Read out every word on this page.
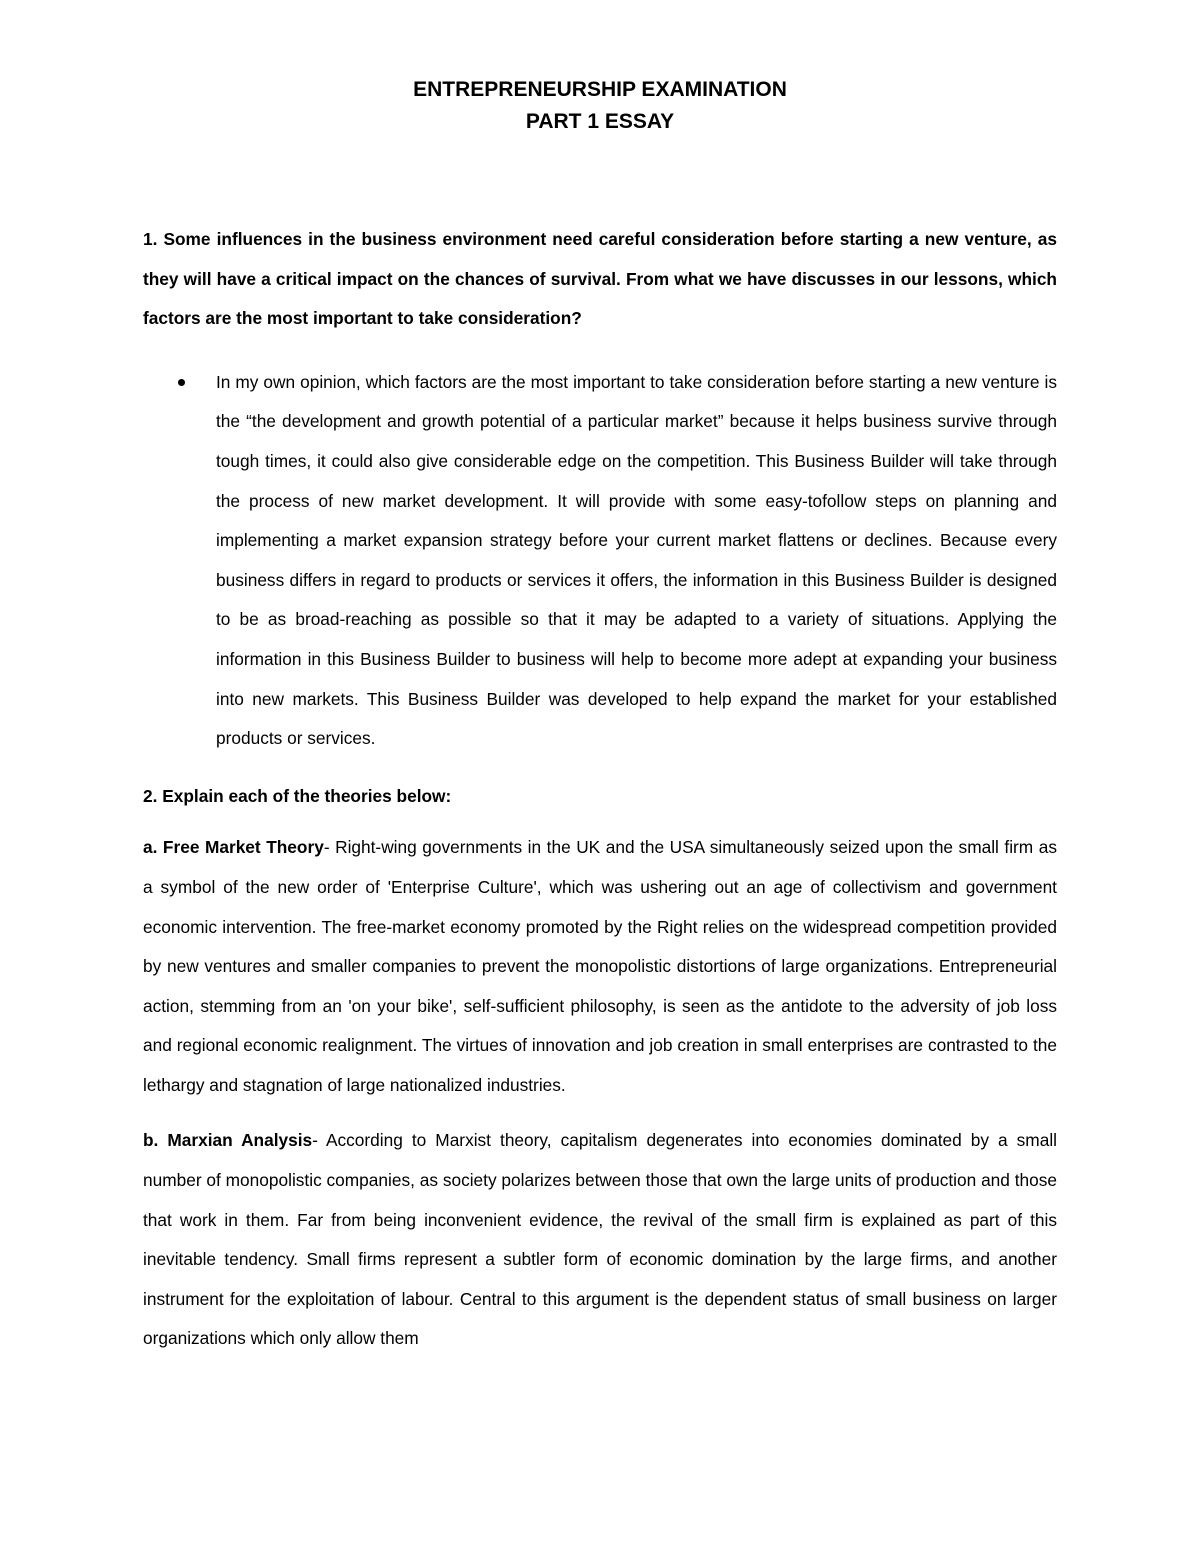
ENTREPRENEURSHIP EXAMINATION
PART 1 ESSAY

1. Some influences in the business environment need careful consideration before starting a new venture, as they will have a critical impact on the chances of survival. From what we have discusses in our lessons, which factors are the most important to take consideration?

In my own opinion, which factors are the most important to take consideration before starting a new venture is the “the development and growth potential of a particular market” because it helps business survive through tough times, it could also give considerable edge on the competition. This Business Builder will take through the process of new market development. It will provide with some easy-tofollow steps on planning and implementing a market expansion strategy before your current market flattens or declines. Because every business differs in regard to products or services it offers, the information in this Business Builder is designed to be as broad-reaching as possible so that it may be adapted to a variety of situations. Applying the information in this Business Builder to business will help to become more adept at expanding your business into new markets. This Business Builder was developed to help expand the market for your established products or services.

2. Explain each of the theories below:

a. Free Market Theory- Right-wing governments in the UK and the USA simultaneously seized upon the small firm as a symbol of the new order of 'Enterprise Culture', which was ushering out an age of collectivism and government economic intervention. The free-market economy promoted by the Right relies on the widespread competition provided by new ventures and smaller companies to prevent the monopolistic distortions of large organizations. Entrepreneurial action, stemming from an 'on your bike', self-sufficient philosophy, is seen as the antidote to the adversity of job loss and regional economic realignment. The virtues of innovation and job creation in small enterprises are contrasted to the lethargy and stagnation of large nationalized industries.

b. Marxian Analysis- According to Marxist theory, capitalism degenerates into economies dominated by a small number of monopolistic companies, as society polarizes between those that own the large units of production and those that work in them. Far from being inconvenient evidence, the revival of the small firm is explained as part of this inevitable tendency. Small firms represent a subtler form of economic domination by the large firms, and another instrument for the exploitation of labour. Central to this argument is the dependent status of small business on larger organizations which only allow them
